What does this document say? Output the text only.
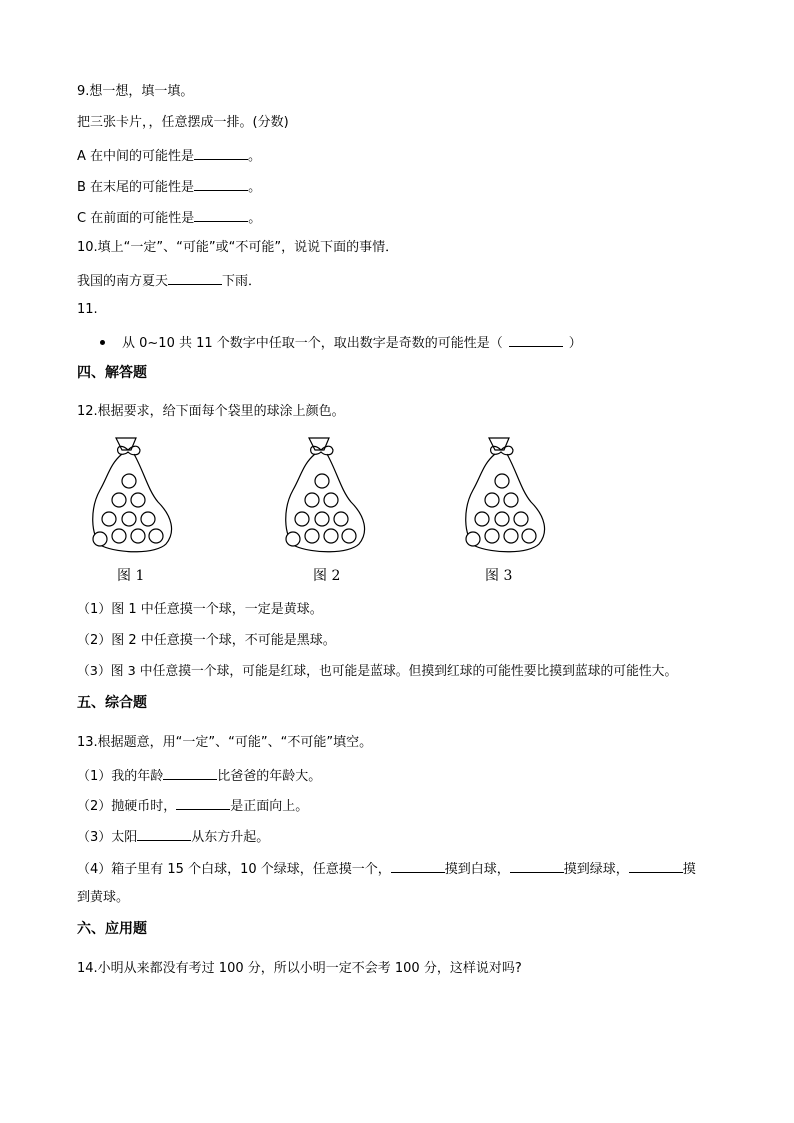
9.想一想，填一填。
把三张卡片，，任意摆成一排。(分数)
A 在中间的可能性是	。
B 在末尾的可能性是	。
C 在前面的可能性是	。
10.填上“一定”、“可能”或“不可能”，说说下面的事情．
我国的南方夏天	下雨．
11.
从 0~10 共 11 个数字中任取一个，取出数字是奇数的可能性是（	）
四、解答题
12.根据要求，给下面每个袋里的球涂上颜色。
图 1	图 2	图 3
（1）图 1 中任意摸一个球，一定是黄球。
（2）图 2 中任意摸一个球，不可能是黑球。
（3）图 3 中任意摸一个球，可能是红球，也可能是蓝球。但摸到红球的可能性要比摸到蓝球的可能性大。
五、综合题
13.根据题意，用“一定”、“可能”、“不可能”填空。
（1）我的年龄	比爸爸的年龄大。
（2）抛硬币时，	是正面向上。
（3）太阳	从东方升起。
（4）箱子里有 15 个白球，10 个绿球，任意摸一个，	摸到白球，	摸到绿球，	摸
到黄球。
六、应用题
14.小明从来都没有考过 100 分，所以小明一定不会考 100 分，这样说对吗?
